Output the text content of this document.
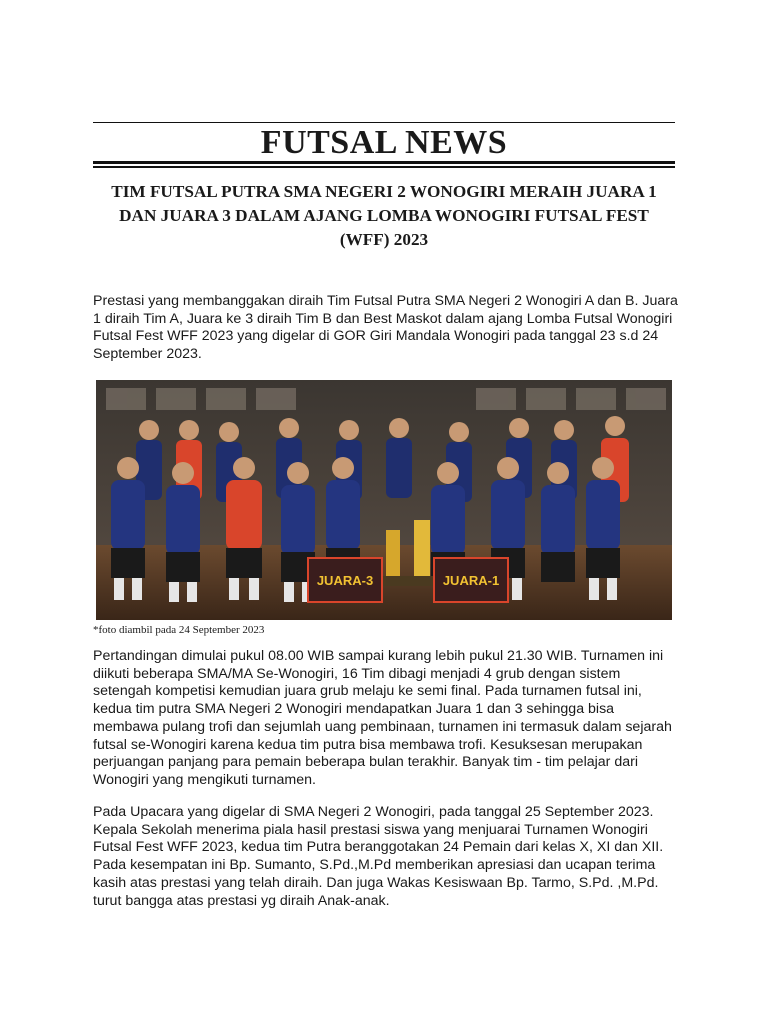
FUTSAL NEWS
TIM FUTSAL PUTRA SMA NEGERI 2 WONOGIRI MERAIH JUARA 1 DAN JUARA 3 DALAM AJANG LOMBA WONOGIRI FUTSAL FEST (WFF) 2023

Prestasi yang membanggakan diraih Tim Futsal Putra SMA Negeri 2 Wonogiri A dan B. Juara 1 diraih Tim A, Juara ke 3 diraih Tim B dan Best Maskot dalam ajang Lomba Futsal Wonogiri Futsal Fest WFF 2023 yang digelar di GOR Giri Mandala Wonogiri pada tanggal 23 s.d 24 September 2023.

JUARA-3	JUARA-1
*foto diambil pada 24 September 2023

Pertandingan dimulai pukul 08.00 WIB sampai kurang lebih pukul 21.30 WIB. Turnamen ini diikuti beberapa SMA/MA Se-Wonogiri, 16 Tim dibagi menjadi 4 grub dengan sistem setengah kompetisi kemudian juara grub melaju ke semi final. Pada turnamen futsal ini, kedua tim putra SMA Negeri 2 Wonogiri mendapatkan Juara 1 dan 3 sehingga bisa membawa pulang trofi dan sejumlah uang pembinaan, turnamen ini termasuk dalam sejarah futsal se-Wonogiri karena kedua tim putra bisa membawa trofi. Kesuksesan merupakan perjuangan panjang para pemain beberapa bulan terakhir. Banyak tim - tim pelajar dari Wonogiri yang mengikuti turnamen.

Pada Upacara yang digelar di SMA Negeri 2 Wonogiri, pada tanggal 25 September 2023. Kepala Sekolah menerima piala hasil prestasi siswa yang menjuarai Turnamen Wonogiri Futsal Fest WFF 2023, kedua tim Putra beranggotakan 24 Pemain dari kelas X, XI dan XII. Pada kesempatan ini Bp. Sumanto, S.Pd.,M.Pd memberikan apresiasi dan ucapan terima kasih atas prestasi yang telah diraih. Dan juga Wakas Kesiswaan Bp. Tarmo, S.Pd. ,M.Pd. turut bangga atas prestasi yg diraih Anak-anak.
